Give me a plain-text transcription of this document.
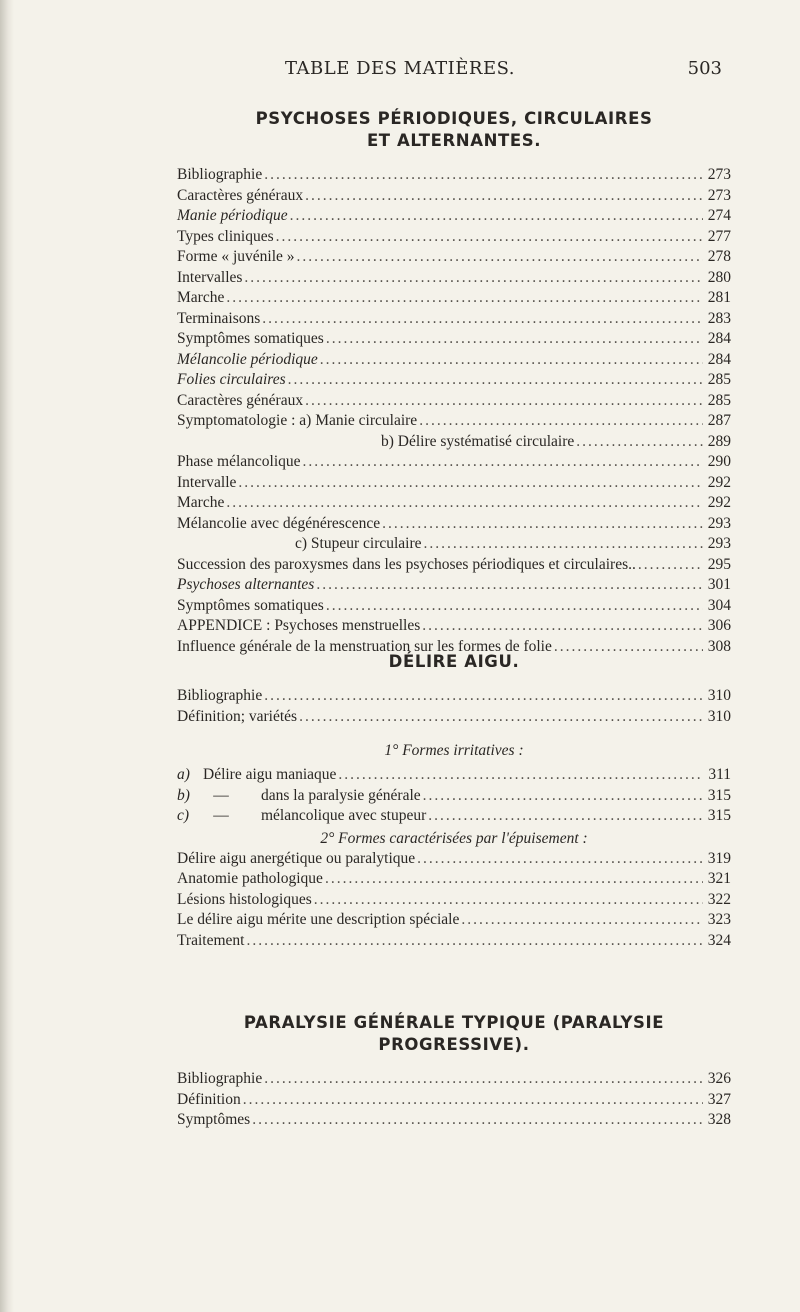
TABLE DES MATIÈRES.	503
PSYCHOSES PÉRIODIQUES, CIRCULAIRES
ET ALTERNANTES.
Bibliographie .....	273
Caractères généraux .....	273
Manie périodique .....	274
Types cliniques .....	277
Forme « juvénile » .....	278
Intervalles .....	280
Marche .....	281
Terminaisons .....	283
Symptômes somatiques .....	284
Mélancolie périodique .....	284
Folies circulaires .....	285
Caractères généraux .....	285
Symptomatologie : a) Manie circulaire .....	287
b) Délire systématisé circulaire .....	289
Phase mélancolique .....	290
Intervalle .....	292
Marche .....	292
Mélancolie avec dégénérescence .....	293
c) Stupeur circulaire .....	293
Succession des paroxysmes dans les psychoses périodiques et circulaires.. .....	295
Psychoses alternantes .....	301
Symptômes somatiques .....	304
APPENDICE : Psychoses menstruelles .....	306
Influence générale de la menstruation sur les formes de folie .....	308
DÉLIRE AIGU.
Bibliographie .....	310
Définition; variétés .....	310
1° Formes irritatives :
a) Délire aigu maniaque .....	311
b)	—	dans la paralysie générale .....	315
c)	—	mélancolique avec stupeur .....	315
2° Formes caractérisées par l'épuisement :
Délire aigu anergétique ou paralytique .....	319
Anatomie pathologique .....	321
Lésions histologiques .....	322
Le délire aigu mérite une description spéciale .....	323
Traitement .....	324
PARALYSIE GÉNÉRALE TYPIQUE (PARALYSIE
PROGRESSIVE).
Bibliographie .....	326
Définition .....	327
Symptômes .....	328
